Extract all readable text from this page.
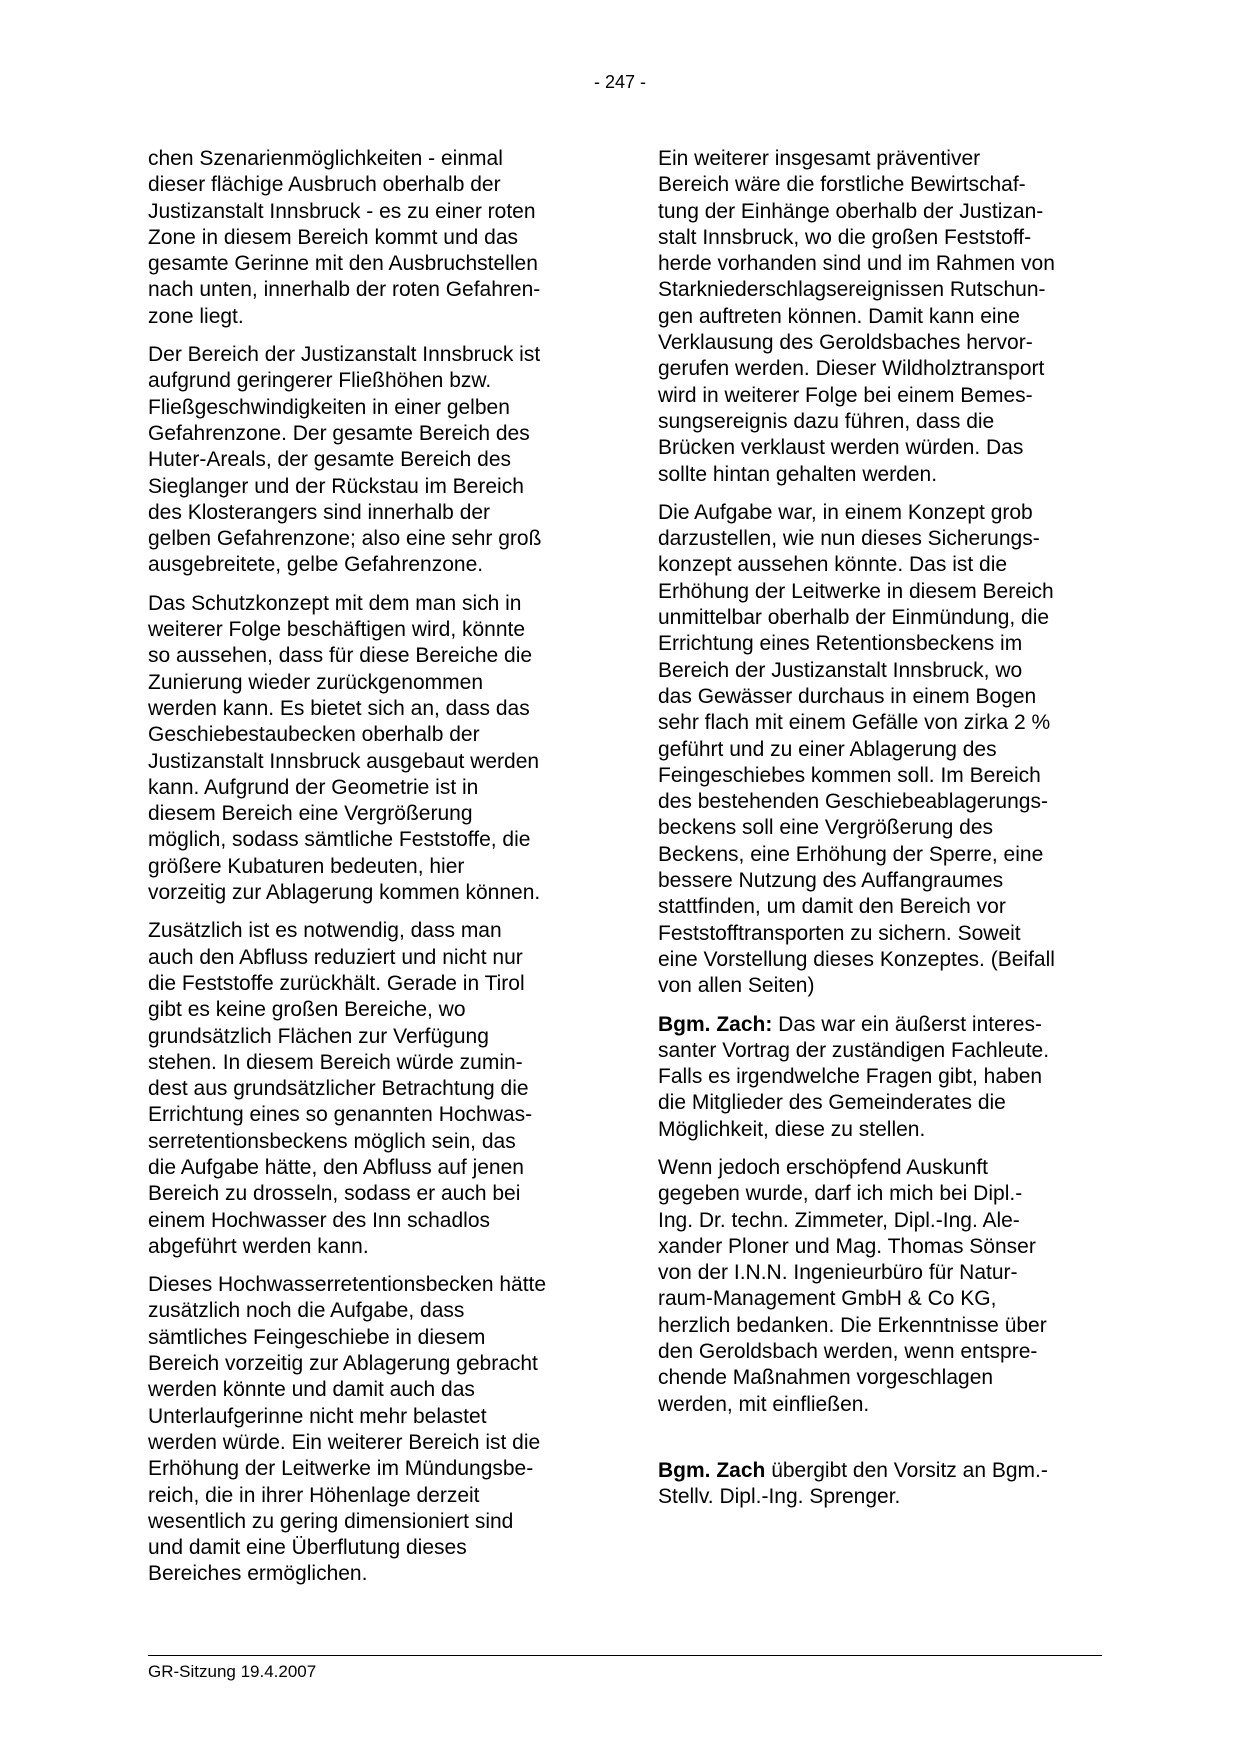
- 247 -

chen Szenarienmöglichkeiten - einmal
dieser flächige Ausbruch oberhalb der
Justizanstalt Innsbruck - es zu einer roten
Zone in diesem Bereich kommt und das
gesamte Gerinne mit den Ausbruchstellen
nach unten, innerhalb der roten Gefahren-
zone liegt.

Der Bereich der Justizanstalt Innsbruck ist
aufgrund geringerer Fließhöhen bzw.
Fließgeschwindigkeiten in einer gelben
Gefahrenzone. Der gesamte Bereich des
Huter-Areals, der gesamte Bereich des
Sieglanger und der Rückstau im Bereich
des Klosterangers sind innerhalb der
gelben Gefahrenzone; also eine sehr groß
ausgebreitete, gelbe Gefahrenzone.

Das Schutzkonzept mit dem man sich in
weiterer Folge beschäftigen wird, könnte
so aussehen, dass für diese Bereiche die
Zunierung wieder zurückgenommen
werden kann. Es bietet sich an, dass das
Geschiebestaubecken oberhalb der
Justizanstalt Innsbruck ausgebaut werden
kann. Aufgrund der Geometrie ist in
diesem Bereich eine Vergrößerung
möglich, sodass sämtliche Feststoffe, die
größere Kubaturen bedeuten, hier
vorzeitig zur Ablagerung kommen können.

Zusätzlich ist es notwendig, dass man
auch den Abfluss reduziert und nicht nur
die Feststoffe zurückhält. Gerade in Tirol
gibt es keine großen Bereiche, wo
grundsätzlich Flächen zur Verfügung
stehen. In diesem Bereich würde zumin-
dest aus grundsätzlicher Betrachtung die
Errichtung eines so genannten Hochwas-
serretentionsbeckens möglich sein, das
die Aufgabe hätte, den Abfluss auf jenen
Bereich zu drosseln, sodass er auch bei
einem Hochwasser des Inn schadlos
abgeführt werden kann.

Dieses Hochwasserretentionsbecken hätte
zusätzlich noch die Aufgabe, dass
sämtliches Feingeschiebe in diesem
Bereich vorzeitig zur Ablagerung gebracht
werden könnte und damit auch das
Unterlaufgerinne nicht mehr belastet
werden würde. Ein weiterer Bereich ist die
Erhöhung der Leitwerke im Mündungsbe-
reich, die in ihrer Höhenlage derzeit
wesentlich zu gering dimensioniert sind
und damit eine Überflutung dieses
Bereiches ermöglichen.

Ein weiterer insgesamt präventiver
Bereich wäre die forstliche Bewirtschaf-
tung der Einhänge oberhalb der Justizan-
stalt Innsbruck, wo die großen Feststoff-
herde vorhanden sind und im Rahmen von
Starkniederschlagsereignissen Rutschun-
gen auftreten können. Damit kann eine
Verklausung des Geroldsbaches hervor-
gerufen werden. Dieser Wildholztransport
wird in weiterer Folge bei einem Bemes-
sungsereignis dazu führen, dass die
Brücken verklaust werden würden. Das
sollte hintan gehalten werden.

Die Aufgabe war, in einem Konzept grob
darzustellen, wie nun dieses Sicherungs-
konzept aussehen könnte. Das ist die
Erhöhung der Leitwerke in diesem Bereich
unmittelbar oberhalb der Einmündung, die
Errichtung eines Retentionsbeckens im
Bereich der Justizanstalt Innsbruck, wo
das Gewässer durchaus in einem Bogen
sehr flach mit einem Gefälle von zirka 2 %
geführt und zu einer Ablagerung des
Feingeschiebes kommen soll. Im Bereich
des bestehenden Geschiebeablagerungs-
beckens soll eine Vergrößerung des
Beckens, eine Erhöhung der Sperre, eine
bessere Nutzung des Auffangraumes
stattfinden, um damit den Bereich vor
Feststofftransporten zu sichern. Soweit
eine Vorstellung dieses Konzeptes. (Beifall
von allen Seiten)

Bgm. Zach: Das war ein äußerst interes-
santer Vortrag der zuständigen Fachleute.
Falls es irgendwelche Fragen gibt, haben
die Mitglieder des Gemeinderates die
Möglichkeit, diese zu stellen.

Wenn jedoch erschöpfend Auskunft
gegeben wurde, darf ich mich bei Dipl.-
Ing. Dr. techn. Zimmeter, Dipl.-Ing. Ale-
xander Ploner und Mag. Thomas Sönser
von der I.N.N. Ingenieurbüro für Natur-
raum-Management GmbH & Co KG,
herzlich bedanken. Die Erkenntnisse über
den Geroldsbach werden, wenn entspre-
chende Maßnahmen vorgeschlagen
werden, mit einfließen.

Bgm. Zach übergibt den Vorsitz an Bgm.-
Stellv. Dipl.-Ing. Sprenger.

GR-Sitzung 19.4.2007
